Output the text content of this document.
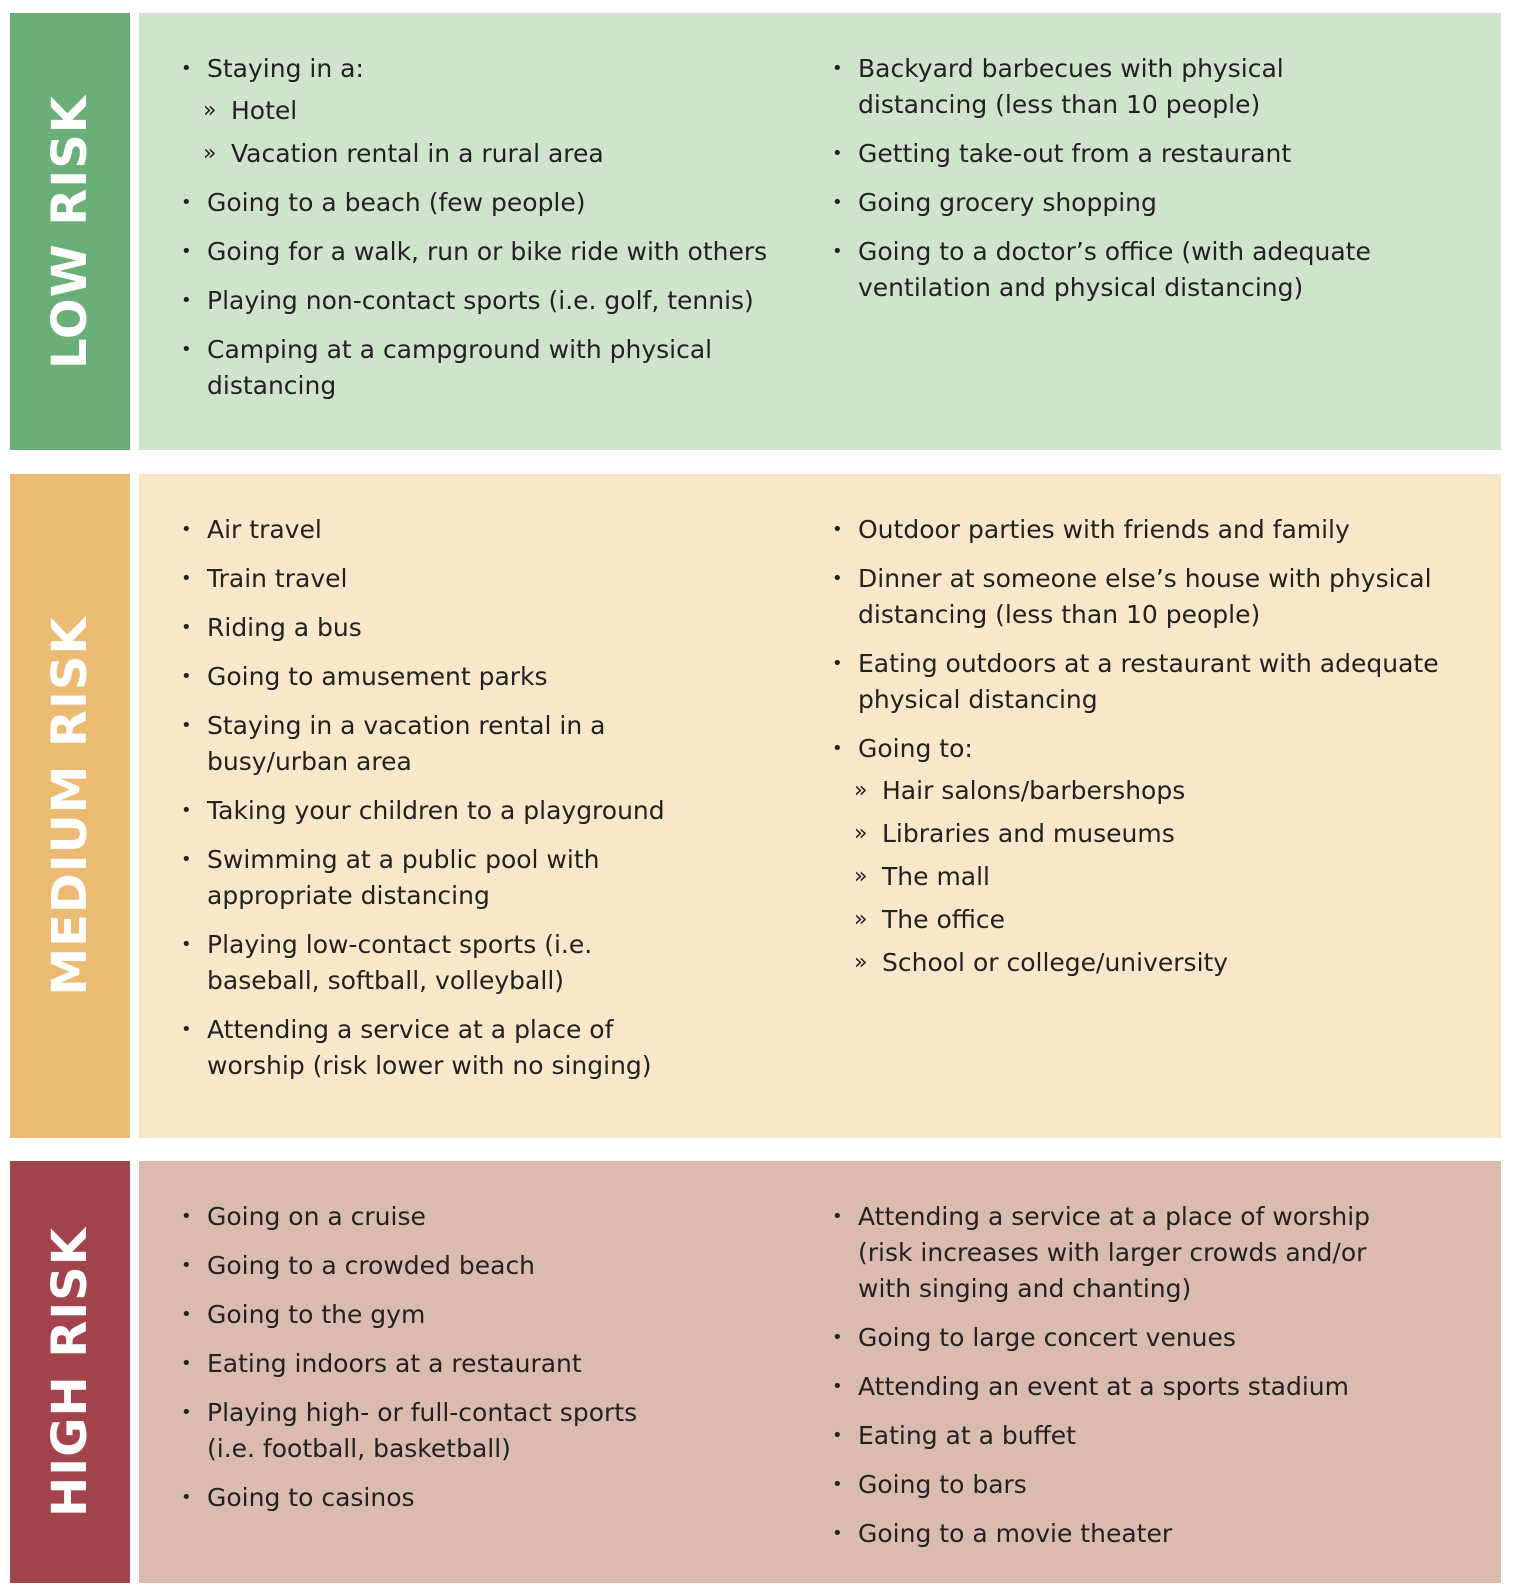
LOW RISK
• Staying in a:
» Hotel
» Vacation rental in a rural area
• Going to a beach (few people)
• Going for a walk, run or bike ride with others
• Playing non-contact sports (i.e. golf, tennis)
• Camping at a campground with physical distancing
• Backyard barbecues with physical distancing (less than 10 people)
• Getting take-out from a restaurant
• Going grocery shopping
• Going to a doctor’s office (with adequate ventilation and physical distancing)
MEDIUM RISK
• Air travel
• Train travel
• Riding a bus
• Going to amusement parks
• Staying in a vacation rental in a busy/urban area
• Taking your children to a playground
• Swimming at a public pool with appropriate distancing
• Playing low-contact sports (i.e. baseball, softball, volleyball)
• Attending a service at a place of worship (risk lower with no singing)
• Outdoor parties with friends and family
• Dinner at someone else’s house with physical distancing (less than 10 people)
• Eating outdoors at a restaurant with adequate physical distancing
• Going to:
» Hair salons/barbershops
» Libraries and museums
» The mall
» The office
» School or college/university
HIGH RISK
• Going on a cruise
• Going to a crowded beach
• Going to the gym
• Eating indoors at a restaurant
• Playing high- or full-contact sports (i.e. football, basketball)
• Going to casinos
• Attending a service at a place of worship (risk increases with larger crowds and/or with singing and chanting)
• Going to large concert venues
• Attending an event at a sports stadium
• Eating at a buffet
• Going to bars
• Going to a movie theater
